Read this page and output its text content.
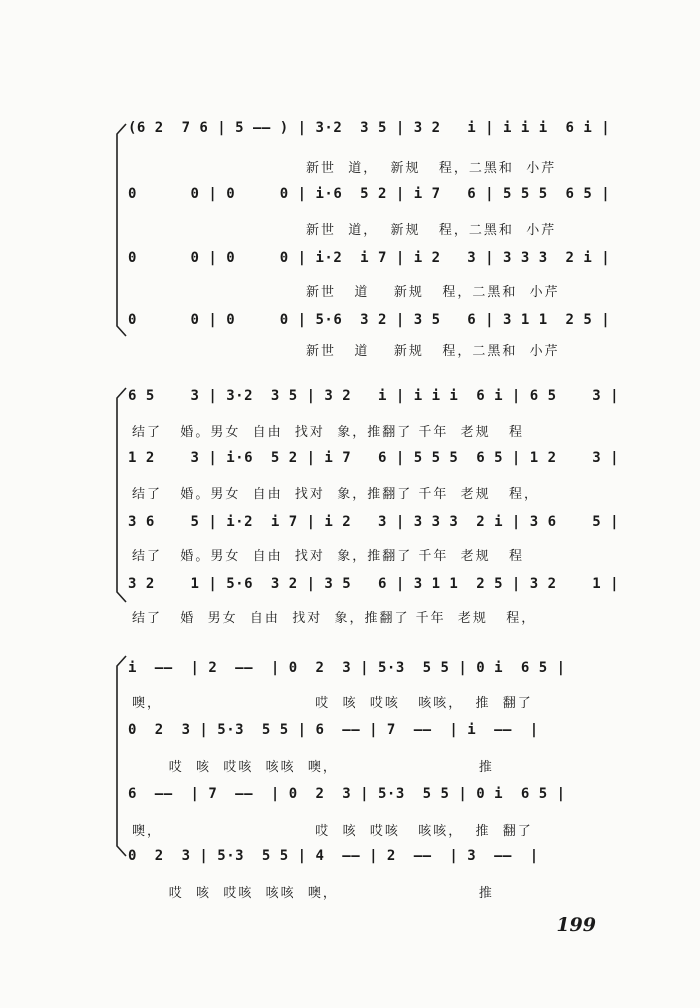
(6 2  7 6 | 5 —— ) | 3·2  3 5 | 3 2   i | i i i  6 i |
新世  道，  新规   程，二黑和  小芹
0      0 | 0     0 | i·6  5 2 | i 7   6 | 5 5 5  6 5 |
新世  道，  新规   程，二黑和  小芹
0      0 | 0     0 | i·2  i 7 | i 2   3 | 3 3 3  2 i |
新世   道    新规   程，二黑和  小芹
0      0 | 0     0 | 5·6  3 2 | 3 5   6 | 3 1 1  2 5 |
新世   道    新规   程，二黑和  小芹
6 5    3 | 3·2  3 5 | 3 2   i | i i i  6 i | 6 5    3 |
结了   婚。男女  自由  找对  象，推翻了 千年  老规   程
1 2    3 | i·6  5 2 | i 7   6 | 5 5 5  6 5 | 1 2    3 |
结了   婚。男女  自由  找对  象，推翻了 千年  老规   程，
3 6    5 | i·2  i 7 | i 2   3 | 3 3 3  2 i | 3 6    5 |
结了   婚。男女  自由  找对  象，推翻了 千年  老规   程
3 2    1 | 5·6  3 2 | 3 5   6 | 3 1 1  2 5 | 3 2    1 |
结了   婚  男女  自由  找对  象，推翻了 千年  老规   程，
i  ——  | 2  ——  | 0  2  3 | 5·3  5 5 | 0 i  6 5 |
噢，                         哎  咳  哎咳   咳咳，  推  翻了
0  2  3 | 5·3  5 5 | 6  —— | 7  ——  | i  ——  |
哎  咳  哎咳  咳咳  噢，                       推
6  ——  | 7  ——  | 0  2  3 | 5·3  5 5 | 0 i  6 5 |
噢，                         哎  咳  哎咳   咳咳，  推  翻了
0  2  3 | 5·3  5 5 | 4  —— | 2  ——  | 3  ——  |
哎  咳  哎咳  咳咳  噢，                       推
199
